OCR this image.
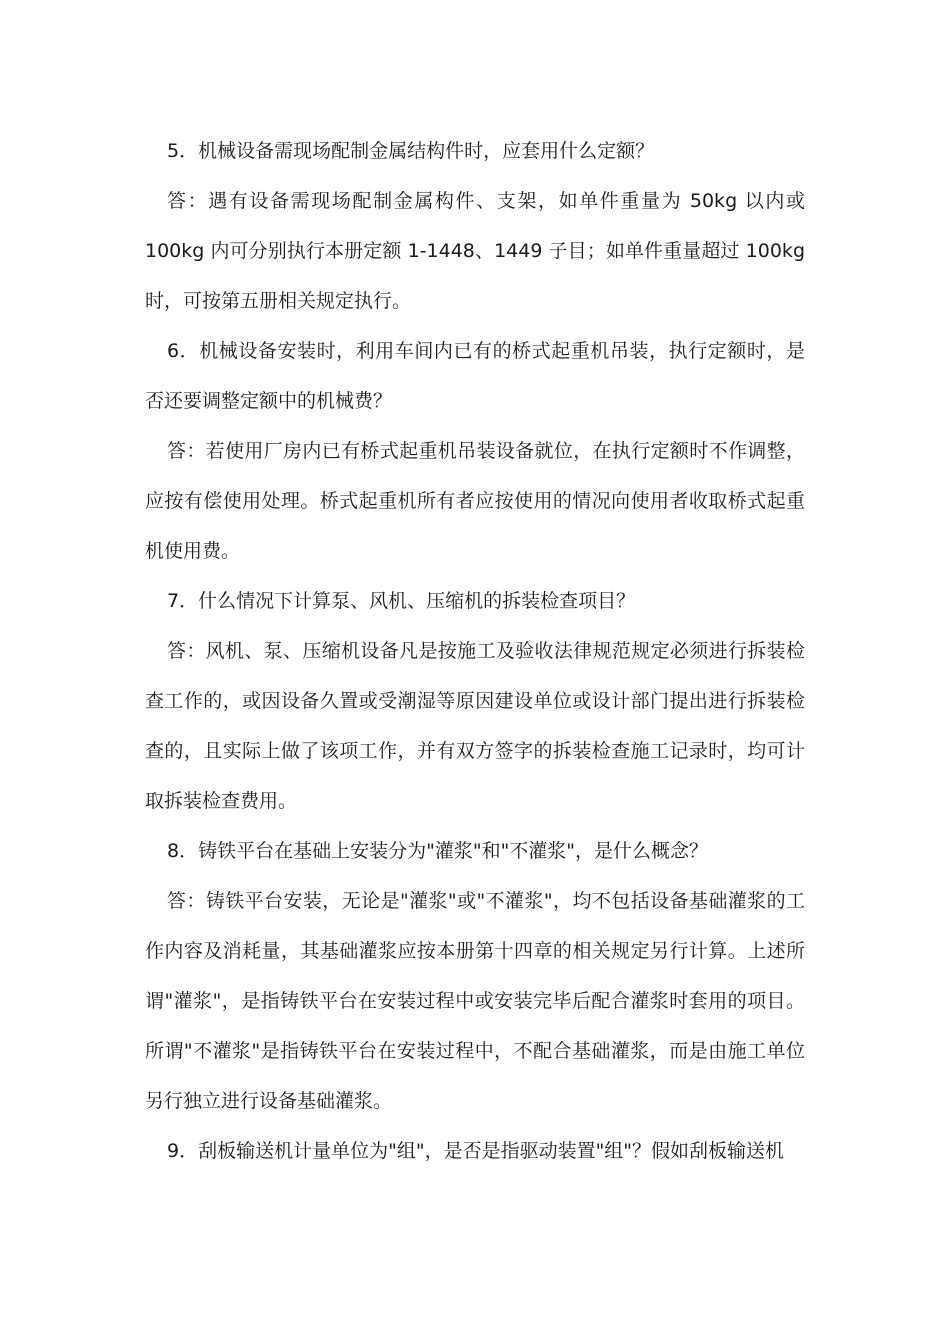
5．机械设备需现场配制金属结构件时，应套用什么定额？

答：遇有设备需现场配制金属构件、支架，如单件重量为 50kg 以内或 100kg 内可分别执行本册定额 1-1448、1449 子目；如单件重量超过 100kg 时，可按第五册相关规定执行。

6．机械设备安装时，利用车间内已有的桥式起重机吊装，执行定额时，是否还要调整定额中的机械费？

答：若使用厂房内已有桥式起重机吊装设备就位，在执行定额时不作调整，应按有偿使用处理。桥式起重机所有者应按使用的情况向使用者收取桥式起重机使用费。

7．什么情况下计算泵、风机、压缩机的拆装检查项目？

答：风机、泵、压缩机设备凡是按施工及验收法律规范规定必须进行拆装检查工作的，或因设备久置或受潮湿等原因建设单位或设计部门提出进行拆装检查的，且实际上做了该项工作，并有双方签字的拆装检查施工记录时，均可计取拆装检查费用。

8．铸铁平台在基础上安装分为"灌浆"和"不灌浆"，是什么概念？

答：铸铁平台安装，无论是"灌浆"或"不灌浆"，均不包括设备基础灌浆的工作内容及消耗量，其基础灌浆应按本册第十四章的相关规定另行计算。上述所谓"灌浆"，是指铸铁平台在安装过程中或安装完毕后配合灌浆时套用的项目。所谓"不灌浆"是指铸铁平台在安装过程中，不配合基础灌浆，而是由施工单位另行独立进行设备基础灌浆。

9．刮板输送机计量单位为"组"，是否是指驱动装置"组"？假如刮板输送机
